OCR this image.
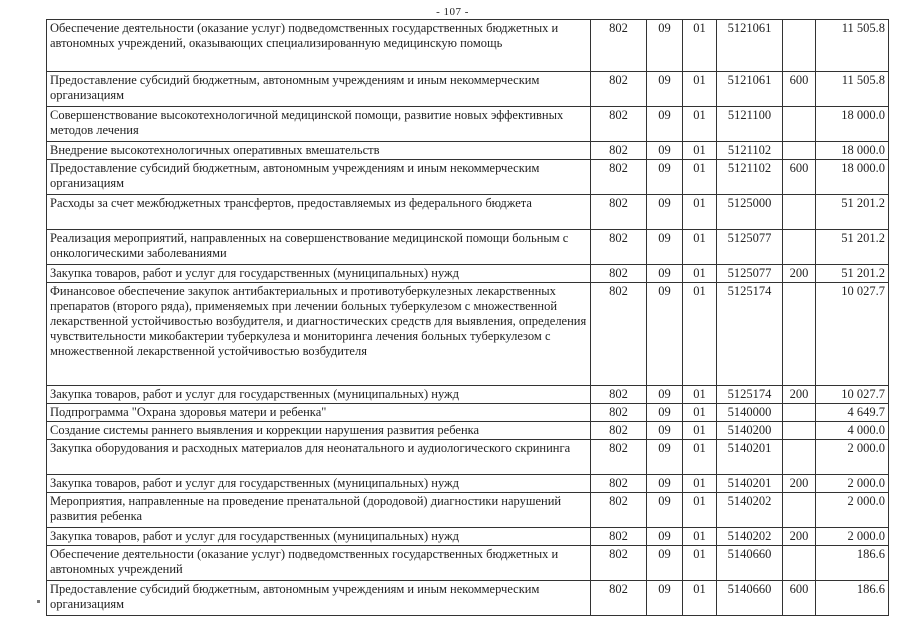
- 107 -
Обеспечение деятельности (оказание услуг) подведомственных государственных бюджетных и автономных учреждений, оказывающих специализированную медицинскую помощь	802	09	01	5121061		11 505.8
Предоставление субсидий бюджетным, автономным учреждениям и иным некоммерческим организациям	802	09	01	5121061	600	11 505.8
Совершенствование высокотехнологичной медицинской помощи, развитие новых эффективных методов лечения	802	09	01	5121100		18 000.0
Внедрение высокотехнологичных оперативных вмешательств	802	09	01	5121102		18 000.0
Предоставление субсидий бюджетным, автономным учреждениям и иным некоммерческим организациям	802	09	01	5121102	600	18 000.0
Расходы за счет межбюджетных трансфертов, предоставляемых из федерального бюджета	802	09	01	5125000		51 201.2
Реализация мероприятий, направленных на совершенствование медицинской помощи больным с онкологическими заболеваниями	802	09	01	5125077		51 201.2
Закупка товаров, работ и услуг для государственных (муниципальных) нужд	802	09	01	5125077	200	51 201.2
Финансовое обеспечение закупок антибактериальных и противотуберкулезных лекарственных препаратов (второго ряда), применяемых при лечении больных туберкулезом с множественной лекарственной устойчивостью возбудителя, и диагностических средств для выявления, определения чувствительности микобактерии туберкулеза и мониторинга лечения больных туберкулезом с множественной лекарственной устойчивостью возбудителя	802	09	01	5125174		10 027.7
Закупка товаров, работ и услуг для государственных (муниципальных) нужд	802	09	01	5125174	200	10 027.7
Подпрограмма "Охрана здоровья матери и ребенка"	802	09	01	5140000		4 649.7
Создание системы раннего выявления и коррекции нарушения развития ребенка	802	09	01	5140200		4 000.0
Закупка оборудования и расходных материалов для неонатального и аудиологического скрининга	802	09	01	5140201		2 000.0
Закупка товаров, работ и услуг для государственных (муниципальных) нужд	802	09	01	5140201	200	2 000.0
Мероприятия, направленные на проведение пренатальной (дородовой) диагностики нарушений развития ребенка	802	09	01	5140202		2 000.0
Закупка товаров, работ и услуг для государственных (муниципальных) нужд	802	09	01	5140202	200	2 000.0
Обеспечение деятельности (оказание услуг) подведомственных государственных бюджетных и автономных учреждений	802	09	01	5140660		186.6
Предоставление субсидий бюджетным, автономным учреждениям и иным некоммерческим организациям	802	09	01	5140660	600	186.6
